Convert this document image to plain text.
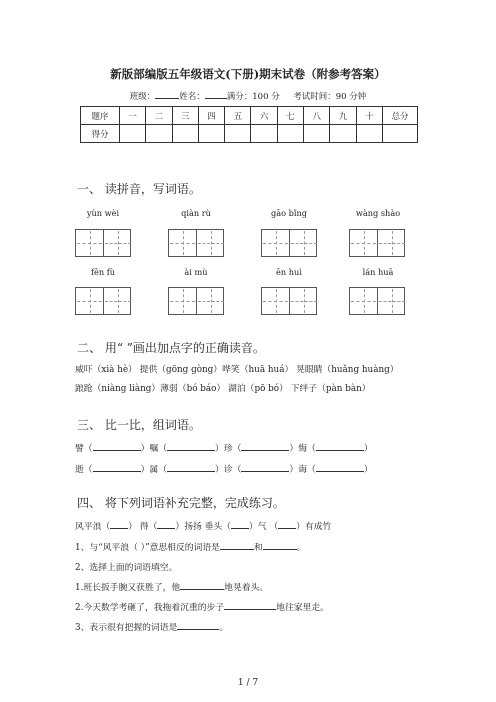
新版部编版五年级语文(下册)期末试卷（附参考答案）
班级：	姓名：	满分：100 分 考试时间：90 分钟
题序	一	二	三	四	五	六	七	八	九	十	总分
得分											
一、 读拼音，写词语。
yùn wèi	qiàn rù	gāo bǐng	wàng shào
fēn fù	ài mù	ēn huì	lán huā
二、 用“ ”画出加点字的正确读音。
威吓（xià hè） 提供（gōng gòng）哗笑（huā huá） 晃眼睛（huǎng huàng）
踉跄（niàng liàng）薄弱（bó báo） 湖泊（pō bó） 下绊子（pàn bàn）
三、 比一比，组词语。
譬（	）嘱（	）珍（	）悔（	）
逝（	）属（	）诊（	）诲（	）
四、 将下列词语补充完整，完成练习。
风平浪（ ） 得（ ）扬扬 垂头（ ）气 （ ）有成竹
1、与“风平浪（ ）”意思相反的词语是	和	。
2、选择上面的词语填空。
1.班长扳手腕又获胜了，他	地晃着头。
2.今天数学考砸了，我拖着沉重的步子	地往家里走。
3、表示很有把握的词语是	。
1 / 7
